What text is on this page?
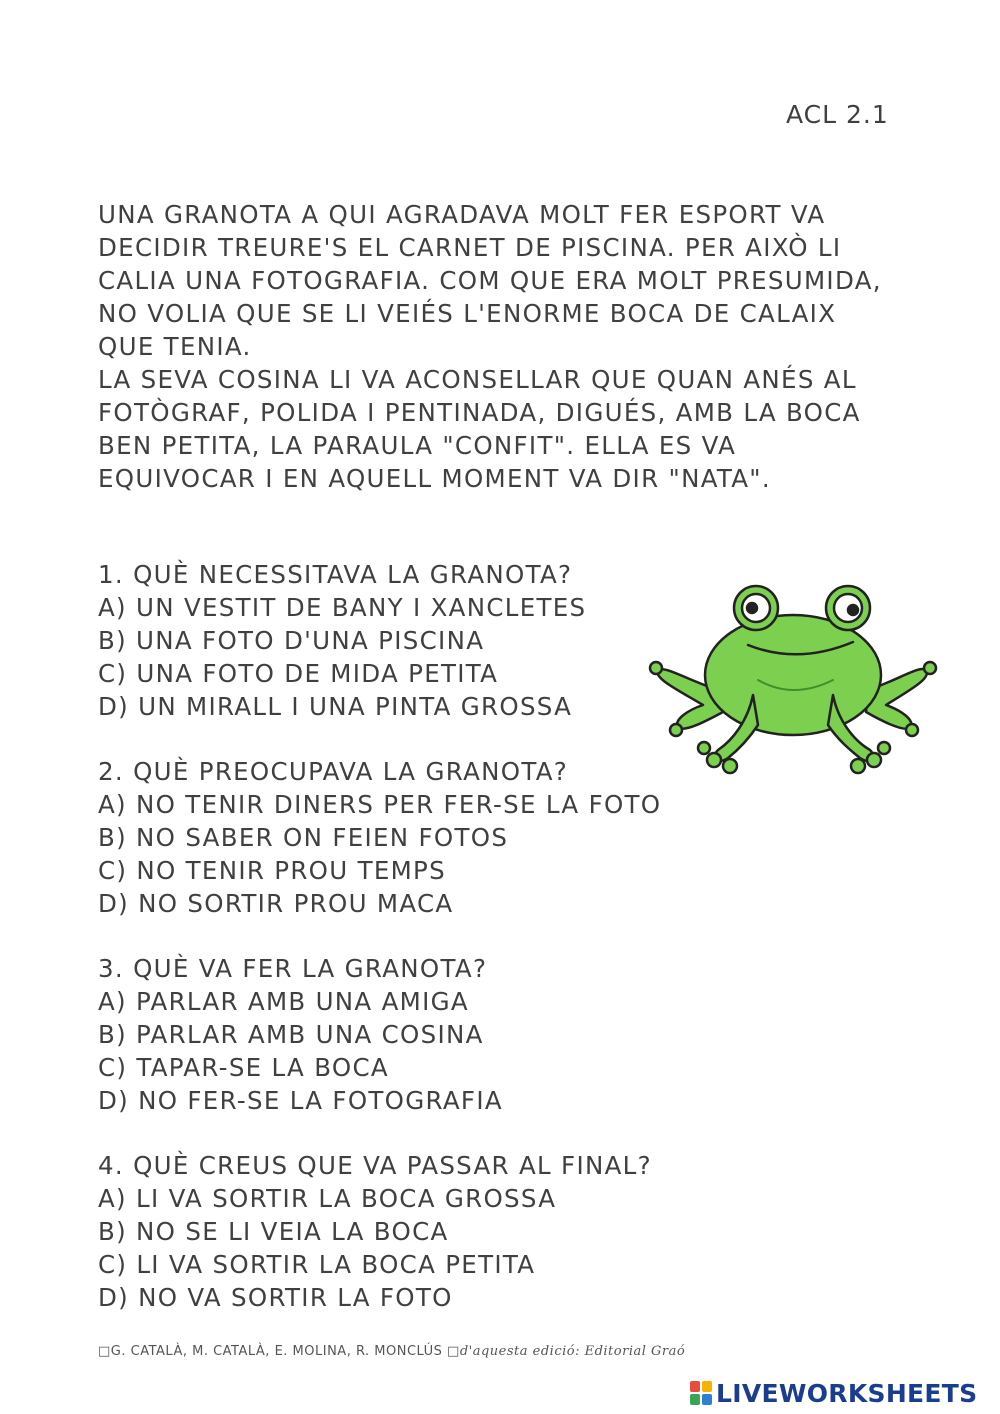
ACL 2.1
UNA GRANOTA A QUI AGRADAVA MOLT FER ESPORT VA
DECIDIR TREURE'S EL CARNET DE PISCINA. PER AIXÒ LI
CALIA UNA FOTOGRAFIA. COM QUE ERA MOLT PRESUMIDA,
NO VOLIA QUE SE LI VEIÉS L'ENORME BOCA DE CALAIX
QUE TENIA.
LA SEVA COSINA LI VA ACONSELLAR QUE QUAN ANÉS AL
FOTÒGRAF, POLIDA I PENTINADA, DIGUÉS, AMB LA BOCA
BEN PETITA, LA PARAULA "CONFIT". ELLA ES VA
EQUIVOCAR I EN AQUELL MOMENT VA DIR "NATA".
1. QUÈ NECESSITAVA LA GRANOTA?
A) UN VESTIT DE BANY I XANCLETES
B) UNA FOTO D'UNA PISCINA
C) UNA FOTO DE MIDA PETITA
D) UN MIRALL I UNA PINTA GROSSA
2. QUÈ PREOCUPAVA LA GRANOTA?
A) NO TENIR DINERS PER FER-SE LA FOTO
B) NO SABER ON FEIEN FOTOS
C) NO TENIR PROU TEMPS
D) NO SORTIR PROU MACA
3. QUÈ VA FER LA GRANOTA?
A) PARLAR AMB UNA AMIGA
B) PARLAR AMB UNA COSINA
C) TAPAR-SE LA BOCA
D) NO FER-SE LA FOTOGRAFIA
4. QUÈ CREUS QUE VA PASSAR AL FINAL?
A) LI VA SORTIR LA BOCA GROSSA
B) NO SE LI VEIA LA BOCA
C) LI VA SORTIR LA BOCA PETITA
D) NO VA SORTIR LA FOTO
□G. CATALÀ, M. CATALÀ, E. MOLINA, R. MONCLÚS □d'aquesta edició: Editorial Graó
LIVEWORKSHEETS
